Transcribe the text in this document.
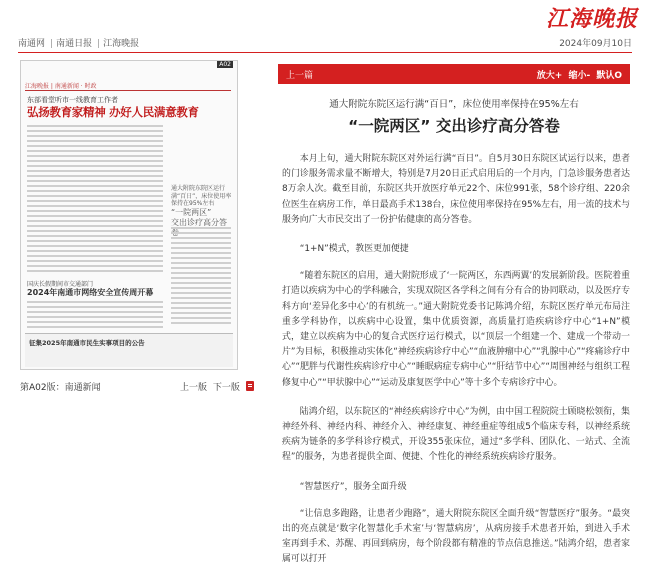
江海晚报
南通网 | 南通日报 | 江海晚报	2024年09月10日
A02
江海晚报 | 南通新闻 · 时政
东部看堂听市一线教育工作者
弘扬教育家精神 办好人民满意教育
通大附院东院区运行满“百日”，床位使用率保持在95%左右
“一院两区”
交出诊疗高分答
国庆长假期间市交通部门
2024年南通市网络安全宣传周开幕
征集2025年南通市民生实事项目的公告
第A02版：南通新闻	上一版 下一版
上一篇	放大+ 缩小- 默认O
通大附院东院区运行满“百日”，床位使用率保持在95%左右
“一院两区” 交出诊疗高分答卷

本月上旬，通大附院东院区对外运行满“百日”。自5月30日东院区试运行以来，患者的门诊服务需求量不断增大，特别是7月20日正式启用后的一个月内，门急诊服务患者达8万余人次。截至目前，东院区共开放医疗单元22个、床位991张，58个诊疗组、220余位医生在病房工作，单日最高手术138台，床位使用率保持在95%左右，用一流的技术与服务向广大市民交出了一份护佑健康的高分答卷。

“1+N”模式，教医更加便捷

“随着东院区的启用，通大附院形成了‘一院两区，东西两翼’的发展新阶段。医院着重打造以疾病为中心的学科融合，实现双院区各学科之间有分有合的协同联动，以及医疗专科方向‘差异化多中心’的有机统一。”通大附院党委书记陈鸿介绍，东院区医疗单元布局注重多学科协作，以疾病中心设置，集中优质资源，高质量打造疾病诊疗中心“1+N”模式，建立以疾病为中心的复合式医疗运行模式，以“顶层一个组建一个、建成一个带动一片”为目标，积极推动实体化“神经疾病诊疗中心”“血液肿瘤中心”“乳腺中心”“疼痛诊疗中心”“肥胖与代谢性疾病诊疗中心”“睡眠病症专病中心”“肝结节中心”“周围神经与组织工程修复中心”“甲状腺中心”“运动及康复医学中心”等十多个专病诊疗中心。

陆鸿介绍，以东院区的“神经疾病诊疗中心”为例，由中国工程院院士顾晓松领衔，集神经外科、神经内科、神经介入、神经康复、神经重症等组成5个临床专科，以神经系统疾病为链条的多学科诊疗模式，开设355张床位，通过“多学科、团队化、一站式、全流程”的服务，为患者提供全面、便捷、个性化的神经系统疾病诊疗服务。

“智慧医疗”，服务全面升级

“让信息多跑路，让患者少跑路”，通大附院东院区全面升级“智慧医疗”服务。“最突出的亮点就是‘数字化智慧化手术室’与‘智慧病房’，从病房接手术患者开始，到进入手术室再到手术、苏醒、再回到病房，每个阶段都有精准的节点信息推送。”陆鸿介绍，患者家属可以打开
